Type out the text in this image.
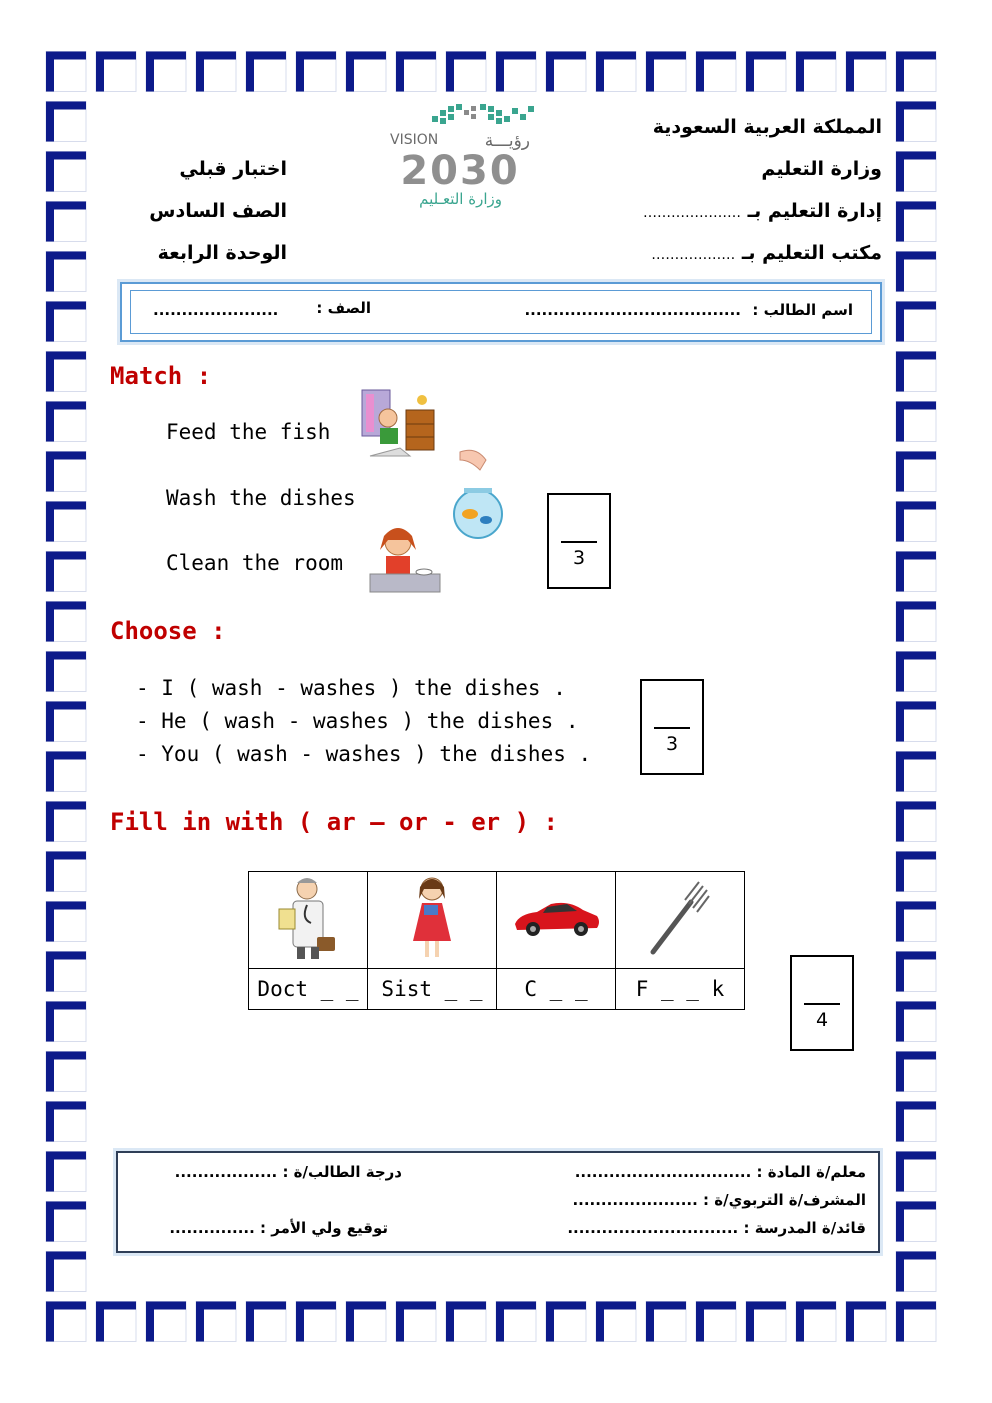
المملكة العربية السعودية
وزارة التعليم
إدارة التعليم بـ …………………
مكتب التعليم بـ ………………
اختبار قبلي
الصف السادس
الوحدة الرابعة
VISION	رؤيـــة
2030
وزارة التعـليم
اسم الطالب :
......................................
الصف :
......................
Match :
Feed the fish
Wash the dishes
Clean the room	3
Choose :
- I ( wash - washes ) the dishes .
- He ( wash - washes ) the dishes .
- You ( wash - washes ) the dishes .	3
Fill in with ( ar – or - er ) :

Doct _ _	Sist _ _	C _ _	F _ _ k
4
معلم/ة المادة : ...............................
المشرف/ة التربوي/ة : ......................
قائد/ة المدرسة : ..............................
درجة الطالب/ة : ..................
توقيع ولي الأمر : ...............
